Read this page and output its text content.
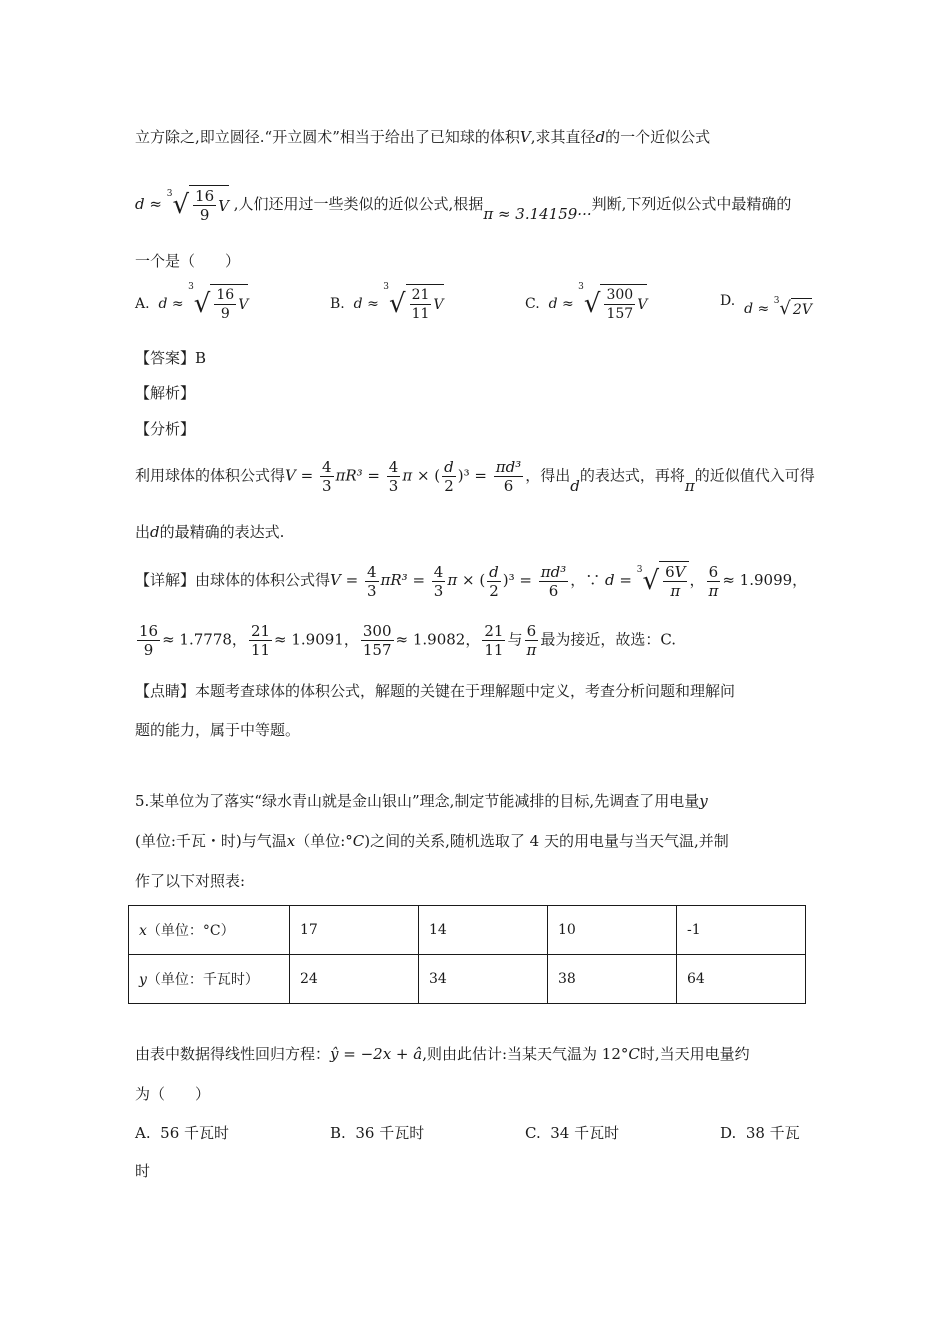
立方除之,即立圆径.“开立圆术”相当于给出了已知球的体积V,求其直径d的一个近似公式
d ≈
3 √ $\frac{16}{9}$ V ,人们还用过一些类似的近似公式,根据π ≈ 3.14159···判断,下列近似公式中最精确的
一个是（　　）
A.  d ≈
3
√ $\frac{16}{9}$ V	B.  d ≈
3
√ $\frac{21}{11}$ V	C.  d ≈
3
√ $\frac{300}{157}$ V	D.  d ≈ 3 √ 2V
【答案】B
【解析】
【分析】
利用球体的体积公式得$V = \frac{4}{3} \pi R^3 = \frac{4}{3}$ π × ( $\frac{d}{2} )^3 = \frac{\text{πd³}}{6}$ ，得出d的表达式，再将π的近似值代入可得
出d的最精确的表达式.
【详解】由球体的体积公式得$V = \frac{4}{3} \pi R^3 = \frac{4}{3}$ π × ( $\frac{d}{2} )^3 = \frac{\text{πd³}}{6}$ ，∵ d =
3 √ $\frac{6V}{\pi}$ ， $\frac{6}{\pi} \approx 1.9099$，
$\frac{16}{9} \approx 1.7778$， $\frac{21}{11} \approx 1.9091$， $\frac{300}{157} \approx 1.9082$， $\frac{21}{11}$ 与 $\frac{6}{\pi}$ 最为接近，故选：C.
【点睛】本题考查球体的体积公式，解题的关键在于理解题中定义，考查分析问题和理解问
题的能力，属于中等题。
5.某单位为了落实“绿水青山就是金山银山”理念,制定节能减排的目标,先调查了用电量y
(单位:千瓦・时)与气温x（单位:°C)之间的关系,随机选取了 4 天的用电量与当天气温,并制
作了以下对照表:
x（单位：°C）	17	14	10	-1
y（单位：千瓦时）	24	34	38	64
由表中数据得线性回归方程：ŷ = −2x + â,则由此估计:当某天气温为 12°C时,当天用电量约
为（　　）
A. 56 千瓦时	B. 36 千瓦时	C. 34 千瓦时	D. 38 千瓦
时
